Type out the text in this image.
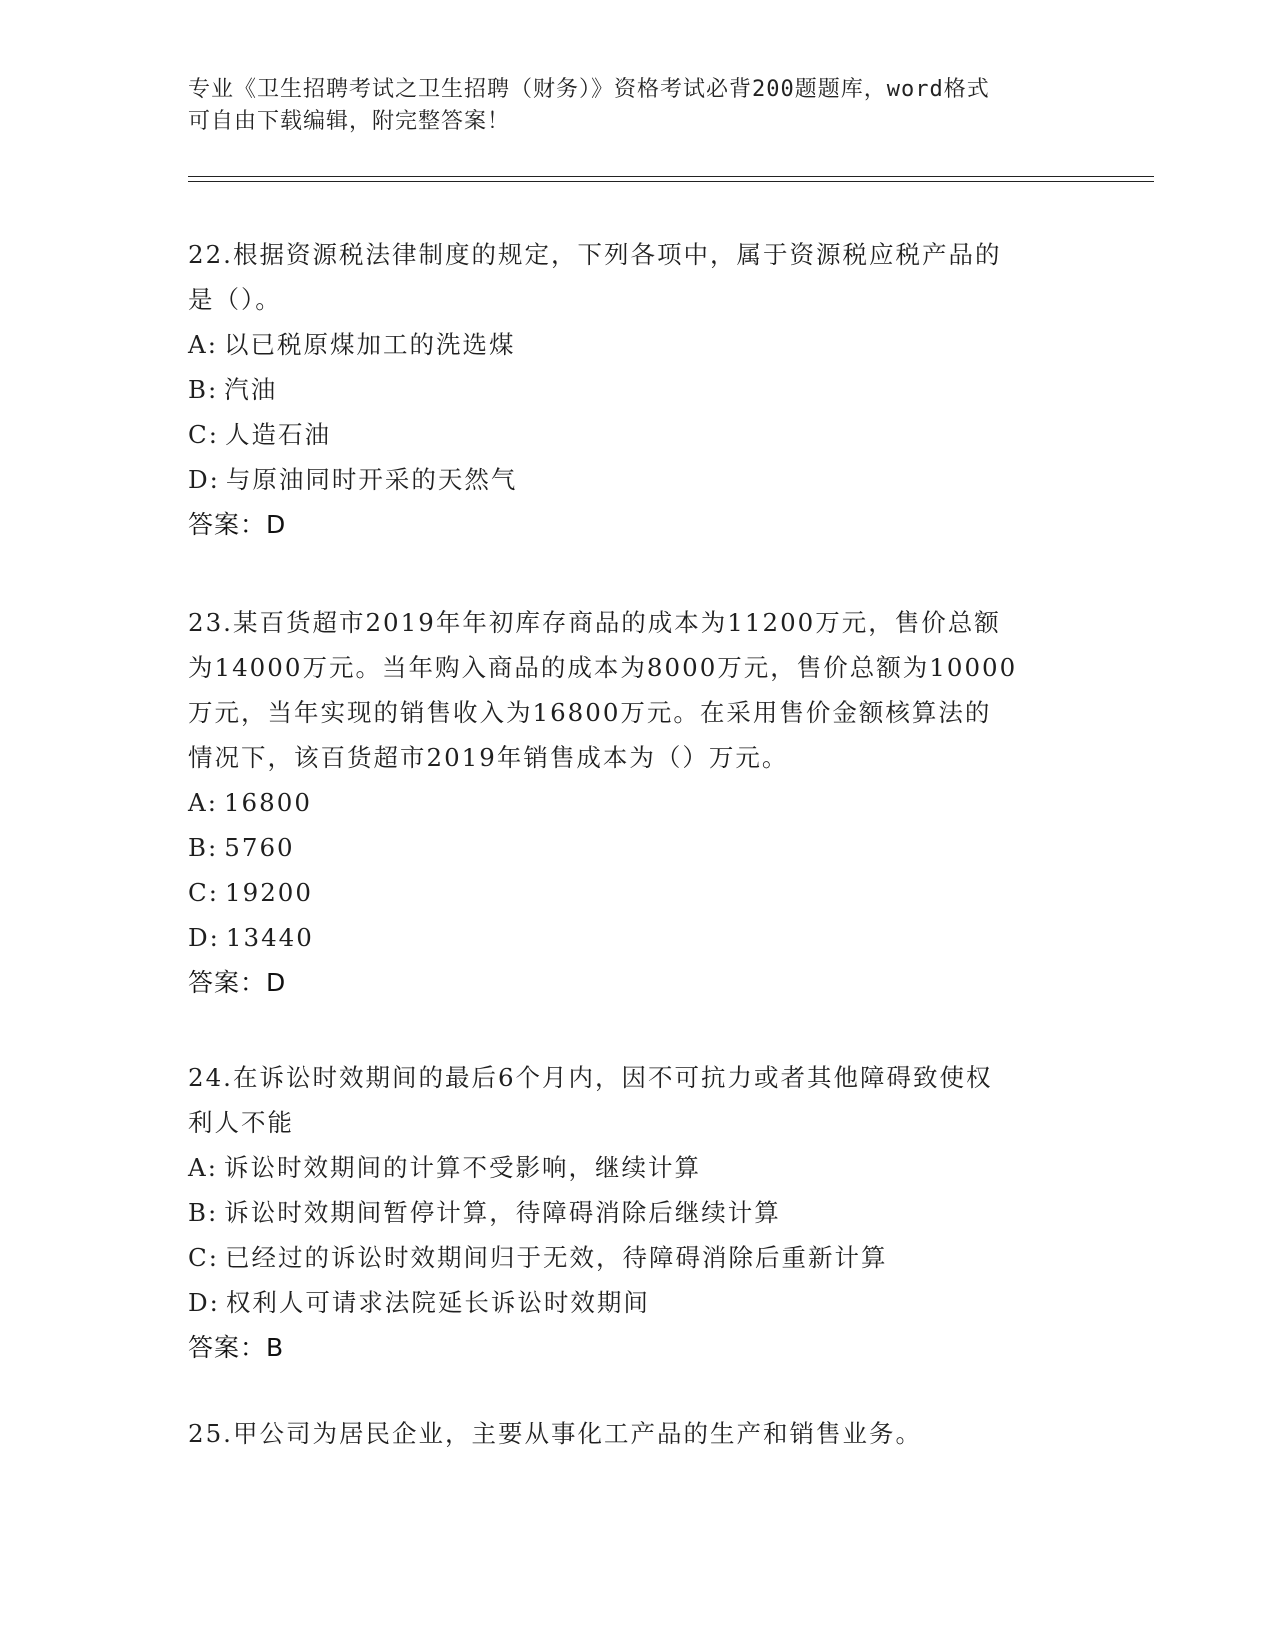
专业《卫生招聘考试之卫生招聘（财务）》资格考试必背200题题库，word格式
可自由下载编辑，附完整答案！
22.根据资源税法律制度的规定，下列各项中，属于资源税应税产品的
是（）。
A: 以已税原煤加工的洗选煤
B: 汽油
C: 人造石油
D: 与原油同时开采的天然气
答案：D
23.某百货超市2019年年初库存商品的成本为11200万元，售价总额
为14000万元。当年购入商品的成本为8000万元，售价总额为10000
万元，当年实现的销售收入为16800万元。在采用售价金额核算法的
情况下，该百货超市2019年销售成本为（）万元。
A: 16800
B: 5760
C: 19200
D: 13440
答案：D
24.在诉讼时效期间的最后6个月内，因不可抗力或者其他障碍致使权
利人不能
A: 诉讼时效期间的计算不受影响，继续计算
B: 诉讼时效期间暂停计算，待障碍消除后继续计算
C: 已经过的诉讼时效期间归于无效，待障碍消除后重新计算
D: 权利人可请求法院延长诉讼时效期间
答案：B
25.甲公司为居民企业，主要从事化工产品的生产和销售业务。
